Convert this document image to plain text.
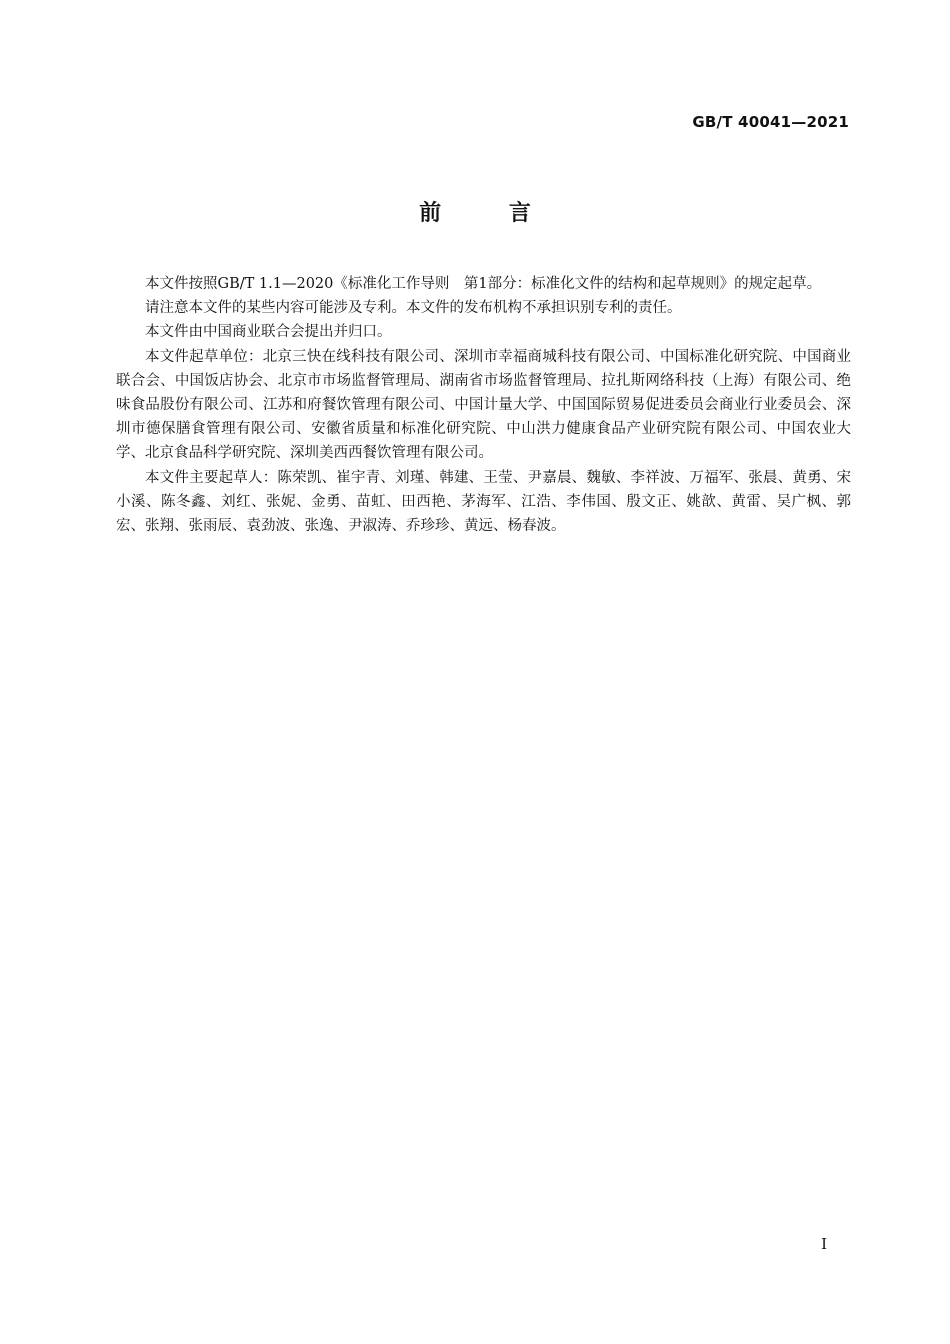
GB/T 40041—2021
前 言

本文件按照GB/T 1.1—2020《标准化工作导则　第1部分：标准化文件的结构和起草规则》的规定起草。

请注意本文件的某些内容可能涉及专利。本文件的发布机构不承担识别专利的责任。

本文件由中国商业联合会提出并归口。

本文件起草单位：北京三快在线科技有限公司、深圳市幸福商城科技有限公司、中国标准化研究院、中国商业联合会、中国饭店协会、北京市市场监督管理局、湖南省市场监督管理局、拉扎斯网络科技（上海）有限公司、绝味食品股份有限公司、江苏和府餐饮管理有限公司、中国计量大学、中国国际贸易促进委员会商业行业委员会、深圳市德保膳食管理有限公司、安徽省质量和标准化研究院、中山洪力健康食品产业研究院有限公司、中国农业大学、北京食品科学研究院、深圳美西西餐饮管理有限公司。

本文件主要起草人：陈荣凯、崔宇青、刘瑾、韩建、王莹、尹嘉晨、魏敏、李祥波、万福军、张晨、黄勇、宋小溪、陈冬鑫、刘红、张妮、金勇、苗虹、田西艳、茅海军、江浩、李伟国、殷文正、姚歆、黄雷、吴广枫、郭宏、张翔、张雨辰、袁劲波、张逸、尹淑涛、乔珍珍、黄远、杨春波。

I
